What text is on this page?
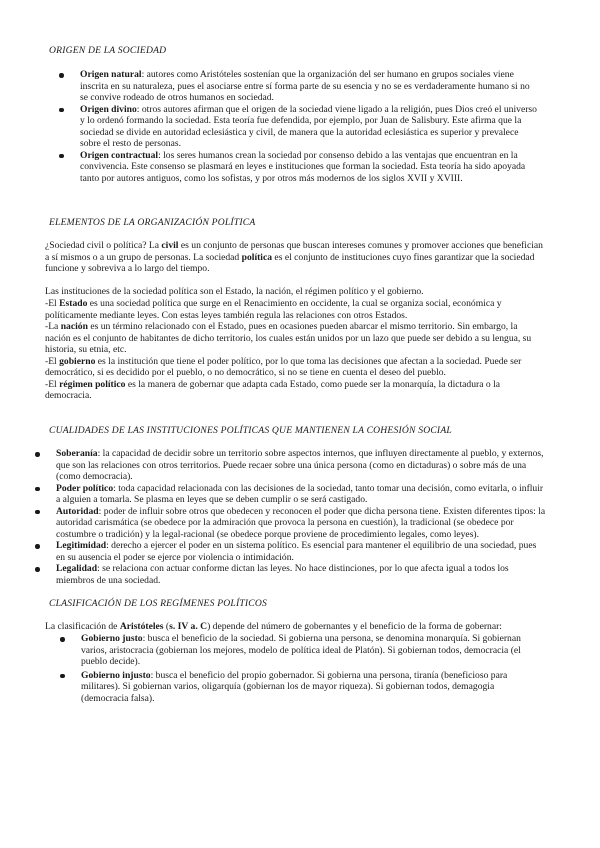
ORIGEN DE LA SOCIEDAD
Origen natural: autores como Aristóteles sostenían que la organización del ser humano en grupos sociales viene inscrita en su naturaleza, pues el asociarse entre sí forma parte de su esencia y no se es verdaderamente humano si no se convive rodeado de otros humanos en sociedad.
Origen divino: otros autores afirman que el origen de la sociedad viene ligado a la religión, pues Dios creó el universo y lo ordenó formando la sociedad. Esta teoría fue defendida, por ejemplo, por Juan de Salisbury. Este afirma que la sociedad se divide en autoridad eclesiástica y civil, de manera que la autoridad eclesiástica es superior y prevalece sobre el resto de personas.
Origen contractual: los seres humanos crean la sociedad por consenso debido a las ventajas que encuentran en la convivencia. Este consenso se plasmará en leyes e instituciones que forman la sociedad. Esta teoría ha sido apoyada tanto por autores antiguos, como los sofistas, y por otros más modernos de los siglos XVII y XVIII.
ELEMENTOS DE LA ORGANIZACIÓN POLÍTICA

¿Sociedad civil o política? La civil es un conjunto de personas que buscan intereses comunes y promover acciones que benefician a sí mismos o a un grupo de personas. La sociedad política es el conjunto de instituciones cuyo fines garantizar que la sociedad funcione y sobreviva a lo largo del tiempo.

Las instituciones de la sociedad política son el Estado, la nación, el régimen político y el gobierno.

-El Estado es una sociedad política que surge en el Renacimiento en occidente, la cual se organiza social, económica y políticamente mediante leyes. Con estas leyes también regula las relaciones con otros Estados.

-La nación es un término relacionado con el Estado, pues en ocasiones pueden abarcar el mismo territorio. Sin embargo, la nación es el conjunto de habitantes de dicho territorio, los cuales están unidos por un lazo que puede ser debido a su lengua, su historia, su etnia, etc.

-El gobierno es la institución que tiene el poder político, por lo que toma las decisiones que afectan a la sociedad. Puede ser democrático, si es decidido por el pueblo, o no democrático, si no se tiene en cuenta el deseo del pueblo.

-El régimen político es la manera de gobernar que adapta cada Estado, como puede ser la monarquía, la dictadura o la democracia.

CUALIDADES DE LAS INSTITUCIONES POLÍTICAS QUE MANTIENEN LA COHESIÓN SOCIAL
Soberanía: la capacidad de decidir sobre un territorio sobre aspectos internos, que influyen directamente al pueblo, y externos, que son las relaciones con otros territorios. Puede recaer sobre una única persona (como en dictaduras) o sobre más de una (como democracia).
Poder político: toda capacidad relacionada con las decisiones de la sociedad, tanto tomar una decisión, como evitarla, o influir a alguien a tomarla. Se plasma en leyes que se deben cumplir o se será castigado.
Autoridad: poder de influir sobre otros que obedecen y reconocen el poder que dicha persona tiene. Existen diferentes tipos: la autoridad carismática (se obedece por la admiración que provoca la persona en cuestión), la tradicional (se obedece por costumbre o tradición) y la legal-racional (se obedece porque proviene de procedimiento legales, como leyes).
Legitimidad: derecho a ejercer el poder en un sistema político. Es esencial para mantener el equilibrio de una sociedad, pues en su ausencia el poder se ejerce por violencia o intimidación.
Legalidad: se relaciona con actuar conforme dictan las leyes. No hace distinciones, por lo que afecta igual a todos los miembros de una sociedad.
CLASIFICACIÓN DE LOS REGÍMENES POLÍTICOS

La clasificación de Aristóteles (s. IV a. C) depende del número de gobernantes y el beneficio de la forma de gobernar:

Gobierno justo: busca el beneficio de la sociedad. Si gobierna una persona, se denomina monarquía. Si gobiernan varios, aristocracia (gobiernan los mejores, modelo de política ideal de Platón). Si gobiernan todos, democracia (el pueblo decide).
Gobierno injusto: busca el beneficio del propio gobernador. Si gobierna una persona, tiranía (beneficioso para militares). Si gobiernan varios, oligarquía (gobiernan los de mayor riqueza). Si gobiernan todos, demagogia (democracia falsa).
